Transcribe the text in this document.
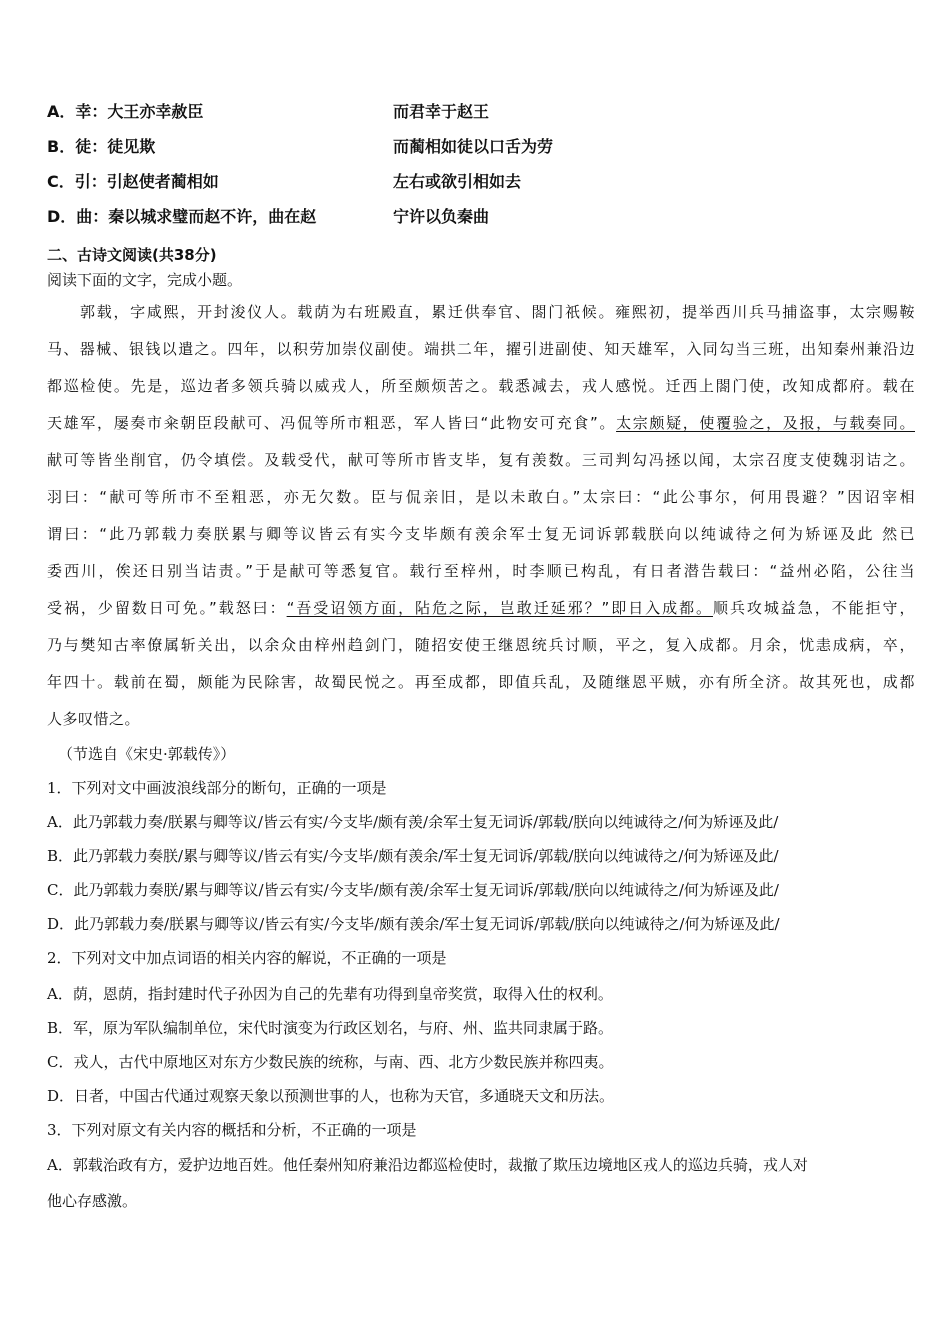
A．幸：大王亦幸赦臣	而君幸于赵王
B．徒：徒见欺	而蔺相如徒以口舌为劳
C．引：引赵使者蔺相如	左右或欲引相如去
D．曲：秦以城求璧而赵不许，曲在赵	宁许以负秦曲
二、古诗文阅读(共38分)
阅读下面的文字，完成小题。
郭载，字咸熙，开封浚仪人。载荫为右班殿直，累迁供奉官、閤门祇候。雍熙初，提举西川兵马捕盗事，太宗赐鞍
马、器械、银钱以遣之。四年，以积劳加崇仪副使。端拱二年，擢引进副使、知天雄军，入同勾当三班，出知秦州兼沿边
都巡检使。先是，巡边者多领兵骑以威戎人，所至颇烦苦之。载悉减去，戎人感悦。迁西上閤门使，改知成都府。载在
天雄军，屡奏市籴朝臣段献可、冯侃等所市粗恶，军人皆曰“此物安可充食”。太宗颇疑，使覆验之，及报，与载奏同。
献可等皆坐削官，仍令填偿。及载受代，献可等所市皆支毕，复有羡数。三司判勾冯拯以闻，太宗召度支使魏羽诘之。
羽曰：“献可等所市不至粗恶，亦无欠数。臣与侃亲旧，是以未敢白。”太宗曰：“此公事尔，何用畏避？”因诏宰相
谓曰：“此乃郭载力奏朕累与卿等议皆云有实今支毕颇有羡余军士复无词诉郭载朕向以纯诚待之何为矫诬及此 然已
委西川，俟还日别当诘责。”于是献可等悉复官。载行至梓州，时李顺已构乱，有日者潜告载曰：“益州必陷，公往当
受祸，少留数日可免。”载怒曰：“吾受诏领方面，阽危之际，岂敢迁延邪？”即日入成都。顺兵攻城益急，不能拒守，
乃与樊知古率僚属斩关出，以余众由梓州趋剑门，随招安使王继恩统兵讨顺，平之，复入成都。月余，忧恚成病，卒，
年四十。载前在蜀，颇能为民除害，故蜀民悦之。再至成都，即值兵乱，及随继恩平贼，亦有所全济。故其死也，成都
人多叹惜之。
（节选自《宋史·郭载传》）
1．下列对文中画波浪线部分的断句，正确的一项是
A．此乃郭载力奏/朕累与卿等议/皆云有实/今支毕/颇有羡/余军士复无词诉/郭载/朕向以纯诚待之/何为矫诬及此/
B．此乃郭载力奏朕/累与卿等议/皆云有实/今支毕/颇有羡余/军士复无词诉/郭载/朕向以纯诚待之/何为矫诬及此/
C．此乃郭载力奏朕/累与卿等议/皆云有实/今支毕/颇有羡/余军士复无词诉/郭载/朕向以纯诚待之/何为矫诬及此/
D．此乃郭载力奏/朕累与卿等议/皆云有实/今支毕/颇有羡余/军士复无词诉/郭载/朕向以纯诚待之/何为矫诬及此/
2．下列对文中加点词语的相关内容的解说，不正确的一项是
A．荫，恩荫，指封建时代子孙因为自己的先辈有功得到皇帝奖赏，取得入仕的权利。
B．军，原为军队编制单位，宋代时演变为行政区划名，与府、州、监共同隶属于路。
C．戎人，古代中原地区对东方少数民族的统称，与南、西、北方少数民族并称四夷。
D．日者，中国古代通过观察天象以预测世事的人，也称为天官，多通晓天文和历法。
3．下列对原文有关内容的概括和分析，不正确的一项是
A．郭载治政有方，爱护边地百姓。他任秦州知府兼沿边都巡检使时，裁撤了欺压边境地区戎人的巡边兵骑，戎人对
他心存感激。
